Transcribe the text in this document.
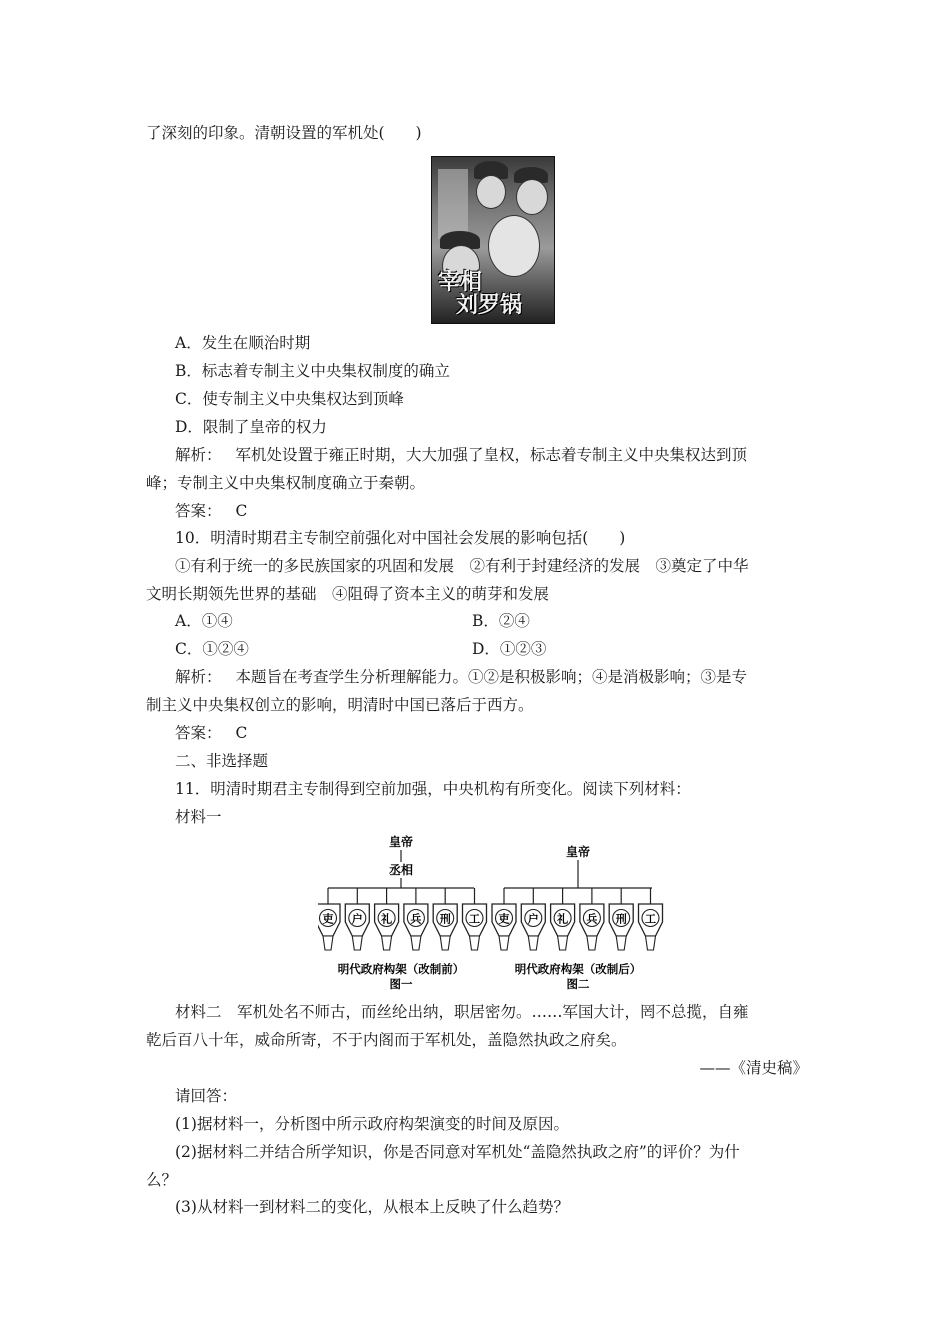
了深刻的印象。清朝设置的军机处(　　)
宰相
刘罗锅
A．发生在顺治时期
B．标志着专制主义中央集权制度的确立
C．使专制主义中央集权达到顶峰
D．限制了皇帝的权力
解析： 军机处设置于雍正时期，大大加强了皇权，标志着专制主义中央集权达到顶
峰；专制主义中央集权制度确立于秦朝。
答案： C
10．明清时期君主专制空前强化对中国社会发展的影响包括(　　)
①有利于统一的多民族国家的巩固和发展　②有利于封建经济的发展　③奠定了中华
文明长期领先世界的基础　④阻碍了资本主义的萌芽和发展
A．①④	B．②④
C．①②④	D．①②③
解析： 本题旨在考查学生分析理解能力。①②是积极影响；④是消极影响；③是专
制主义中央集权创立的影响，明清时中国已落后于西方。
答案： C
二、非选择题
11．明清时期君主专制得到空前加强，中央机构有所变化。阅读下列材料：
材料一
皇帝
丞相
皇帝
吏 户 礼 兵 刑 工 吏 户 礼 兵 刑 工
明代政府构架（改制前）
图一
明代政府构架（改制后）
图二
材料二　军机处名不师古，而丝纶出纳，职居密勿。……军国大计，罔不总揽，自雍
乾后百八十年，威命所寄，不于内阁而于军机处，盖隐然执政之府矣。
——《清史稿》
请回答：
(1)据材料一，分析图中所示政府构架演变的时间及原因。
(2)据材料二并结合所学知识，你是否同意对军机处“盖隐然执政之府”的评价？为什
么？
(3)从材料一到材料二的变化，从根本上反映了什么趋势？
